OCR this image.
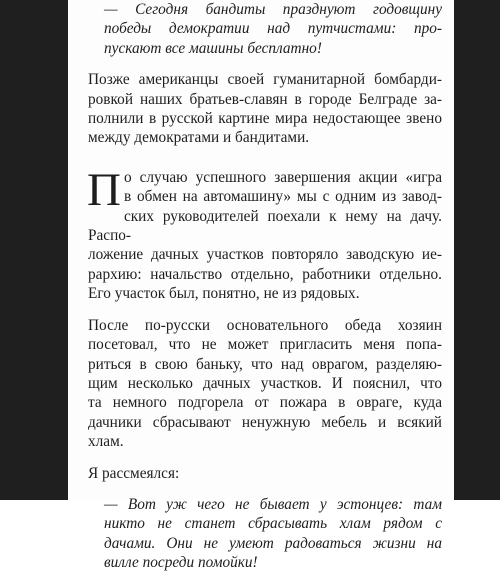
— Сегодня бандиты празднуют годовщину
победы демократии над путчистами: про-
пускают все машины бесплатно!
Позже американцы своей гуманитарной бомбарди-
ровкой наших братьев-славян в городе Белграде за-
полнили в русской картине мира недостающее звено
между демократами и бандитами.
П о случаю успешного завершения акции «игра
в обмен на автомашину» мы с одним из завод-
ских руководителей поехали к нему на дачу. Распо-
ложение дачных участков повторяло заводскую ие-
рархию: начальство отдельно, работники отдельно.
Его участок был, понятно, не из рядовых.
После по-русски основательного обеда хозяин
посетовал, что не может пригласить меня попа-
риться в свою баньку, что над оврагом, разделяю-
щим несколько дачных участков. И пояснил, что
та немного подгорела от пожара в овраге, куда
дачники сбрасывают ненужную мебель и всякий
хлам.
Я рассмеялся:
— Вот уж чего не бывает у эстонцев: там
никто не станет сбрасывать хлам рядом с
дачами. Они не умеют радоваться жизни на
вилле посреди помойки!
